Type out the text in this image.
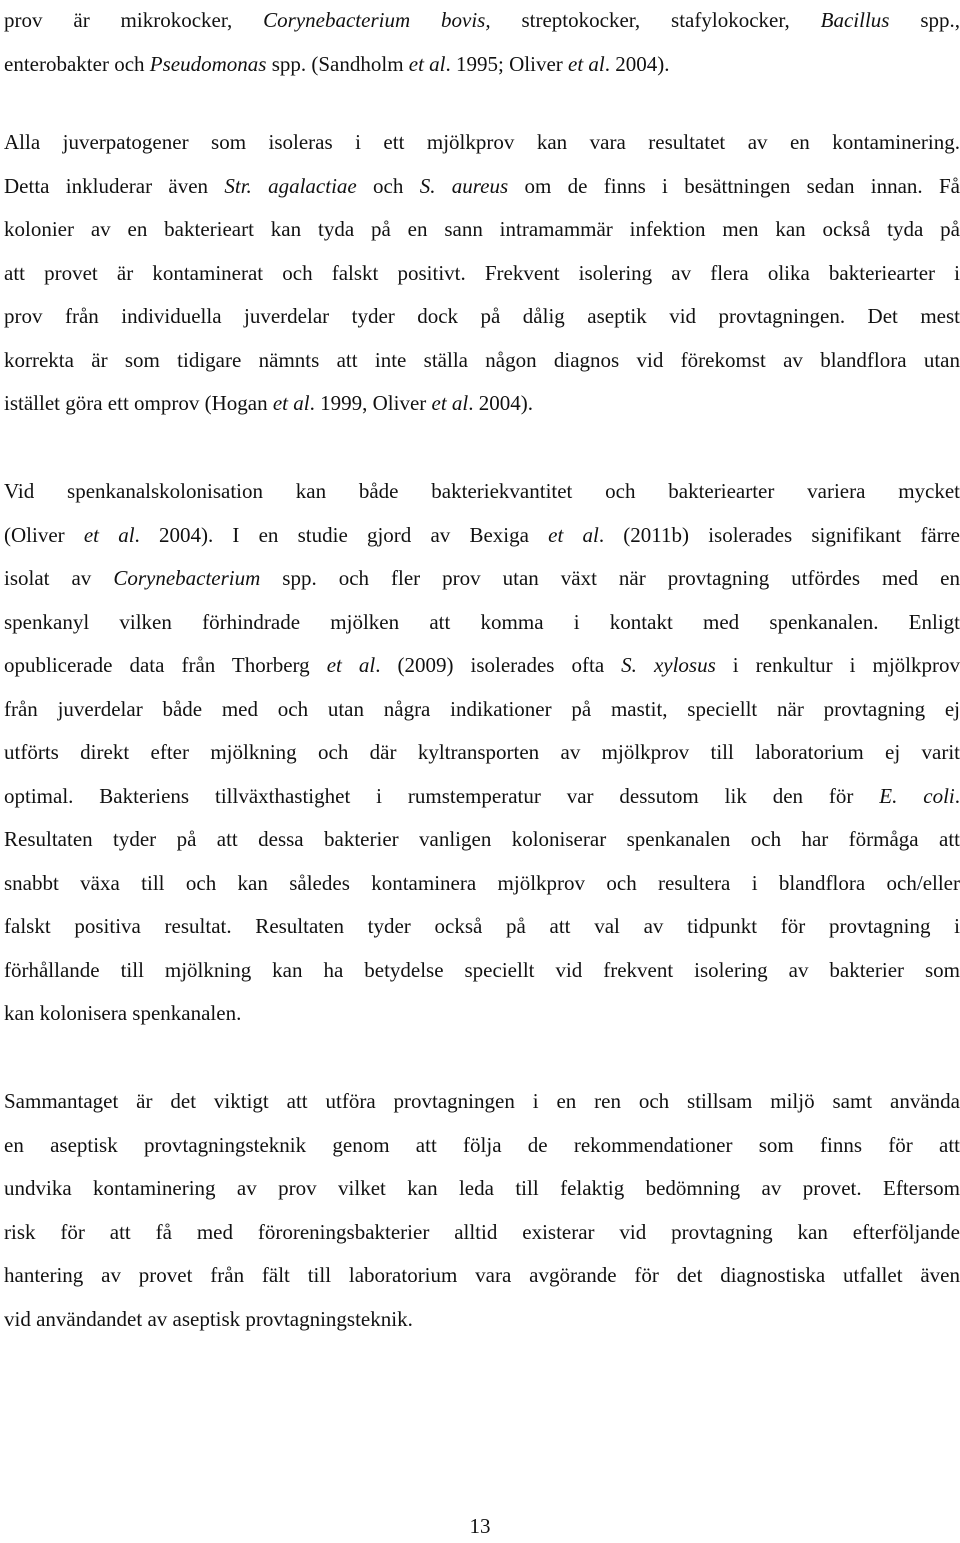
prov är mikrokocker, Corynebacterium bovis, streptokocker, stafylokocker, Bacillus spp.,
enterobakter och Pseudomonas spp. (Sandholm et al. 1995; Oliver et al. 2004).
Alla juverpatogener som isoleras i ett mjölkprov kan vara resultatet av en kontaminering.
Detta inkluderar även Str. agalactiae och S. aureus om de finns i besättningen sedan innan. Få
kolonier av en bakterieart kan tyda på en sann intramammär infektion men kan också tyda på
att provet är kontaminerat och falskt positivt. Frekvent isolering av flera olika bakteriearter i
prov från individuella juverdelar tyder dock på dålig aseptik vid provtagningen. Det mest
korrekta är som tidigare nämnts att inte ställa någon diagnos vid förekomst av blandflora utan
istället göra ett omprov (Hogan et al. 1999, Oliver et al. 2004).
Vid spenkanalskolonisation kan både bakteriekvantitet och bakteriearter variera mycket
(Oliver et al. 2004). I en studie gjord av Bexiga et al. (2011b) isolerades signifikant färre
isolat av Corynebacterium spp. och fler prov utan växt när provtagning utfördes med en
spenkanyl vilken förhindrade mjölken att komma i kontakt med spenkanalen. Enligt
opublicerade data från Thorberg et al. (2009) isolerades ofta S. xylosus i renkultur i mjölkprov
från juverdelar både med och utan några indikationer på mastit, speciellt när provtagning ej
utförts direkt efter mjölkning och där kyltransporten av mjölkprov till laboratorium ej varit
optimal. Bakteriens tillväxthastighet i rumstemperatur var dessutom lik den för E. coli.
Resultaten tyder på att dessa bakterier vanligen koloniserar spenkanalen och har förmåga att
snabbt växa till och kan således kontaminera mjölkprov och resultera i blandflora och/eller
falskt positiva resultat. Resultaten tyder också på att val av tidpunkt för provtagning i
förhållande till mjölkning kan ha betydelse speciellt vid frekvent isolering av bakterier som
kan kolonisera spenkanalen.
Sammantaget är det viktigt att utföra provtagningen i en ren och stillsam miljö samt använda
en aseptisk provtagningsteknik genom att följa de rekommendationer som finns för att
undvika kontaminering av prov vilket kan leda till felaktig bedömning av provet. Eftersom
risk för att få med föroreningsbakterier alltid existerar vid provtagning kan efterföljande
hantering av provet från fält till laboratorium vara avgörande för det diagnostiska utfallet även
vid användandet av aseptisk provtagningsteknik.
13
